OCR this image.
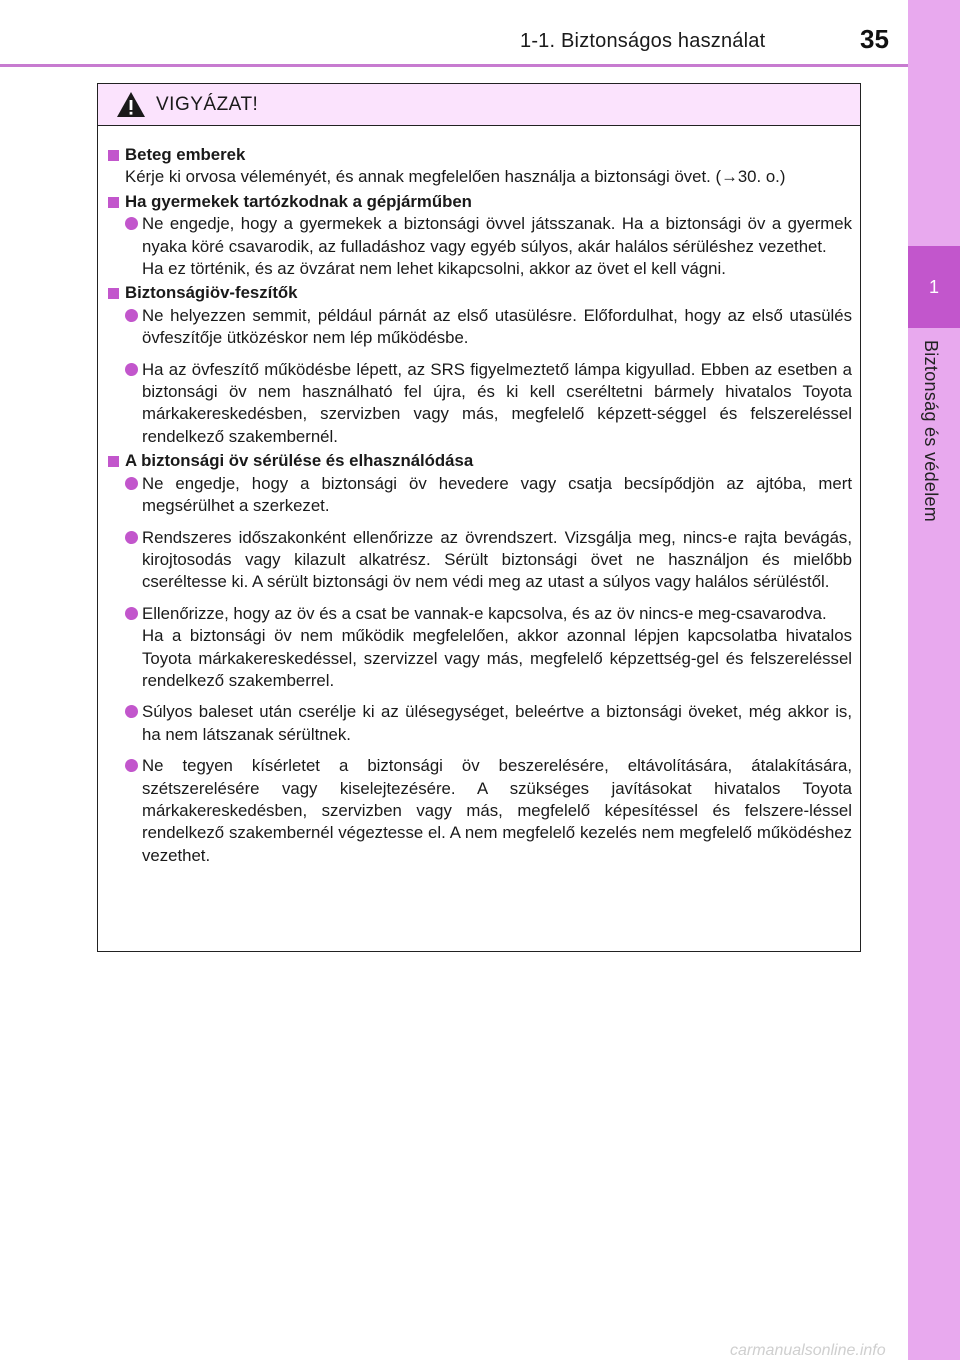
1-1. Biztonságos használat	35
1
Biztonság és védelem
VIGYÁZAT!
Beteg emberek

Kérje ki orvosa véleményét, és annak megfelelően használja a biztonsági övet. (→30. o.)

Ha gyermekek tartózkodnak a gépjárműben

Ne engedje, hogy a gyermekek a biztonsági övvel játsszanak. Ha a biztonsági öv a gyermek nyaka köré csavarodik, az fulladáshoz vagy egyéb súlyos, akár halálos sérüléshez vezethet.

Ha ez történik, és az övzárat nem lehet kikapcsolni, akkor az övet el kell vágni.

Biztonságiöv-feszítők

Ne helyezzen semmit, például párnát az első utasülésre. Előfordulhat, hogy az első utasülés övfeszítője ütközéskor nem lép működésbe.

Ha az övfeszítő működésbe lépett, az SRS figyelmeztető lámpa kigyullad. Ebben az esetben a biztonsági öv nem használható fel újra, és ki kell cseréltetni bármely hivatalos Toyota márkakereskedésben, szervizben vagy más, megfelelő képzett-séggel és felszereléssel rendelkező szakembernél.

A biztonsági öv sérülése és elhasználódása

Ne engedje, hogy a biztonsági öv hevedere vagy csatja becsípődjön az ajtóba, mert megsérülhet a szerkezet.

Rendszeres időszakonként ellenőrizze az övrendszert. Vizsgálja meg, nincs-e rajta bevágás, kirojtosodás vagy kilazult alkatrész. Sérült biztonsági övet ne használjon és mielőbb cseréltesse ki. A sérült biztonsági öv nem védi meg az utast a súlyos vagy halálos sérüléstől.

Ellenőrizze, hogy az öv és a csat be vannak-e kapcsolva, és az öv nincs-e meg-csavarodva.

Ha a biztonsági öv nem működik megfelelően, akkor azonnal lépjen kapcsolatba hivatalos Toyota márkakereskedéssel, szervizzel vagy más, megfelelő képzettség-gel és felszereléssel rendelkező szakemberrel.

Súlyos baleset után cserélje ki az ülésegységet, beleértve a biztonsági öveket, még akkor is, ha nem látszanak sérültnek.

Ne tegyen kísérletet a biztonsági öv beszerelésére, eltávolítására, átalakítására, szétszerelésére vagy kiselejtezésére. A szükséges javításokat hivatalos Toyota márkakereskedésben, szervizben vagy más, megfelelő képesítéssel és felszere-léssel rendelkező szakembernél végeztesse el. A nem megfelelő kezelés nem megfelelő működéshez vezethet.

carmanualsonline.info
